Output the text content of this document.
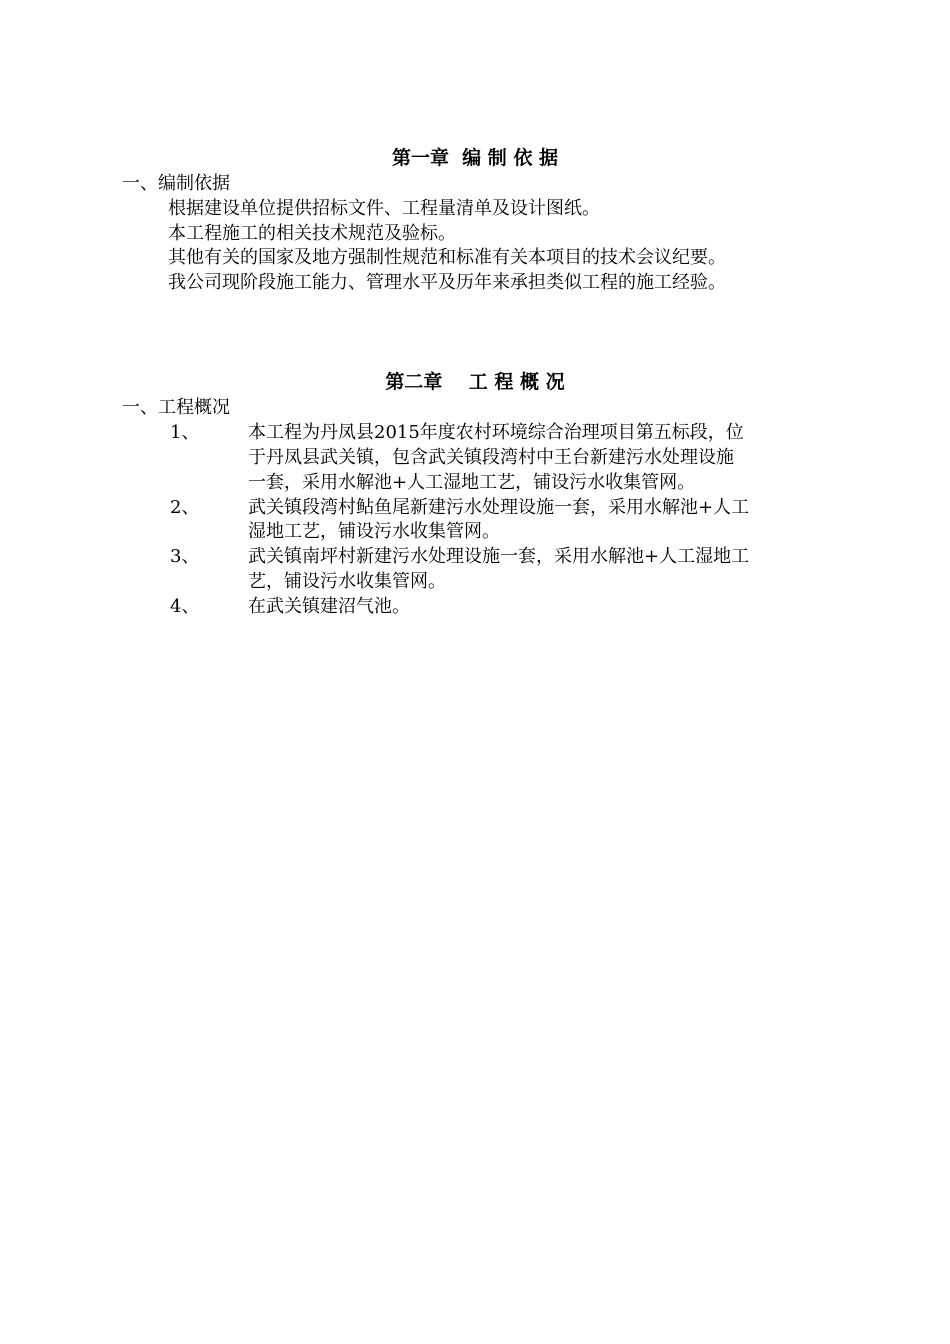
第一章  编 制 依 据
一、编制依据
根据建设单位提供招标文件、工程量清单及设计图纸。
本工程施工的相关技术规范及验标。
其他有关的国家及地方强制性规范和标准有关本项目的技术会议纪要。
我公司现阶段施工能力、管理水平及历年来承担类似工程的施工经验。
第二章    工 程 概 况
一、工程概况
1、	本工程为丹凤县2015年度农村环境综合治理项目第五标段，位
于丹凤县武关镇，包含武关镇段湾村中王台新建污水处理设施
一套，采用水解池+人工湿地工艺，铺设污水收集管网。
2、	武关镇段湾村鲇鱼尾新建污水处理设施一套，采用水解池+人工
湿地工艺，铺设污水收集管网。
3、	武关镇南坪村新建污水处理设施一套，采用水解池+人工湿地工
艺，铺设污水收集管网。
4、	在武关镇建沼气池。
